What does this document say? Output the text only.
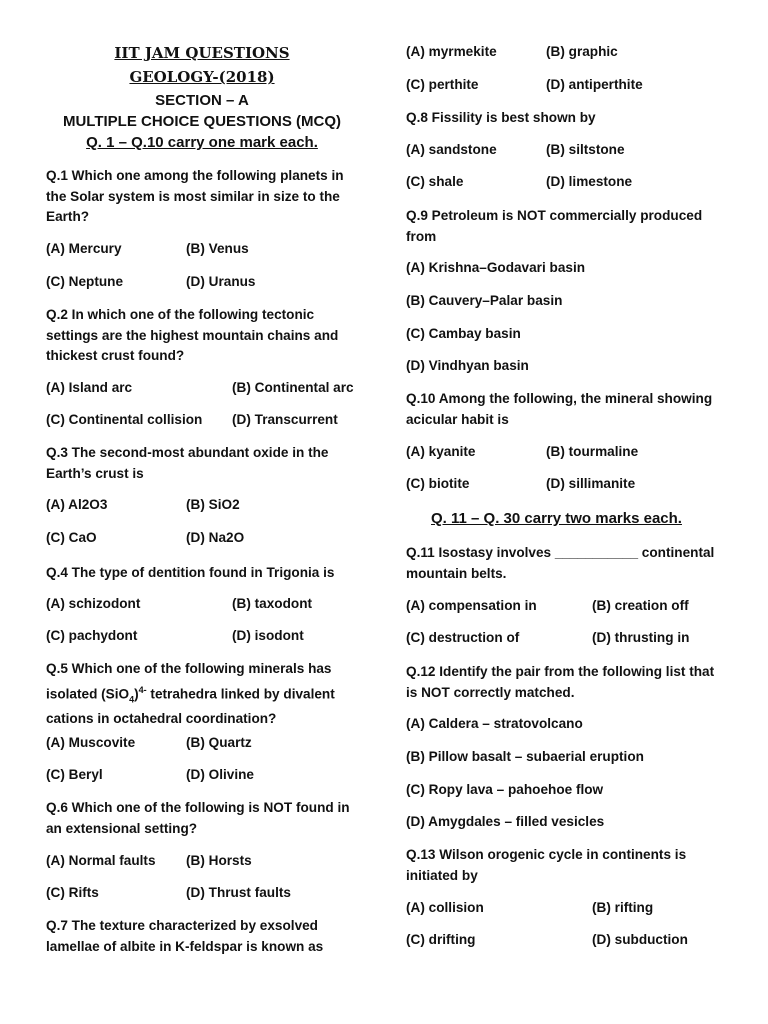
IIT JAM QUESTIONS
GEOLOGY-(2018)
SECTION – A
MULTIPLE CHOICE QUESTIONS (MCQ)
Q. 1 – Q.10 carry one mark each.
Q.1 Which one among the following planets in the Solar system is most similar in size to the Earth?
(A) Mercury	(B) Venus
(C) Neptune	(D) Uranus
Q.2 In which one of the following tectonic settings are the highest mountain chains and thickest crust found?
(A) Island arc	(B) Continental arc
(C) Continental collision (D) Transcurrent
Q.3 The second-most abundant oxide in the Earth’s crust is
(A) Al2O3	(B) SiO2
(C) CaO	(D) Na2O
Q.4 The type of dentition found in Trigonia is
(A) schizodont	(B) taxodont
(C) pachydont	(D) isodont
Q.5 Which one of the following minerals has isolated $(SiO_4)^{4-}$ tetrahedra linked by divalent cations in octahedral coordination?
(A) Muscovite	(B) Quartz
(C) Beryl	(D) Olivine
Q.6 Which one of the following is NOT found in an extensional setting?
(A) Normal faults (B) Horsts
(C) Rifts	(D) Thrust faults
Q.7 The texture characterized by exsolved lamellae of albite in K-feldspar is known as
(A) myrmekite	(B) graphic
(C) perthite	(D) antiperthite
Q.8 Fissility is best shown by
(A) sandstone	(B) siltstone
(C) shale	(D) limestone
Q.9 Petroleum is NOT commercially produced from
(A) Krishna–Godavari basin
(B) Cauvery–Palar basin
(C) Cambay basin
(D) Vindhyan basin
Q.10 Among the following, the mineral showing acicular habit is
(A) kyanite	(B) tourmaline
(C) biotite	(D) sillimanite
Q. 11 – Q. 30 carry two marks each.
Q.11 Isostasy involves ___________ continental mountain belts.
(A) compensation in	(B) creation off
(C) destruction of	(D) thrusting in
Q.12 Identify the pair from the following list that is NOT correctly matched.
(A) Caldera – stratovolcano
(B) Pillow basalt – subaerial eruption
(C) Ropy lava – pahoehoe flow
(D) Amygdales – filled vesicles
Q.13 Wilson orogenic cycle in continents is initiated by
(A) collision	(B) rifting
(C) drifting	(D) subduction
